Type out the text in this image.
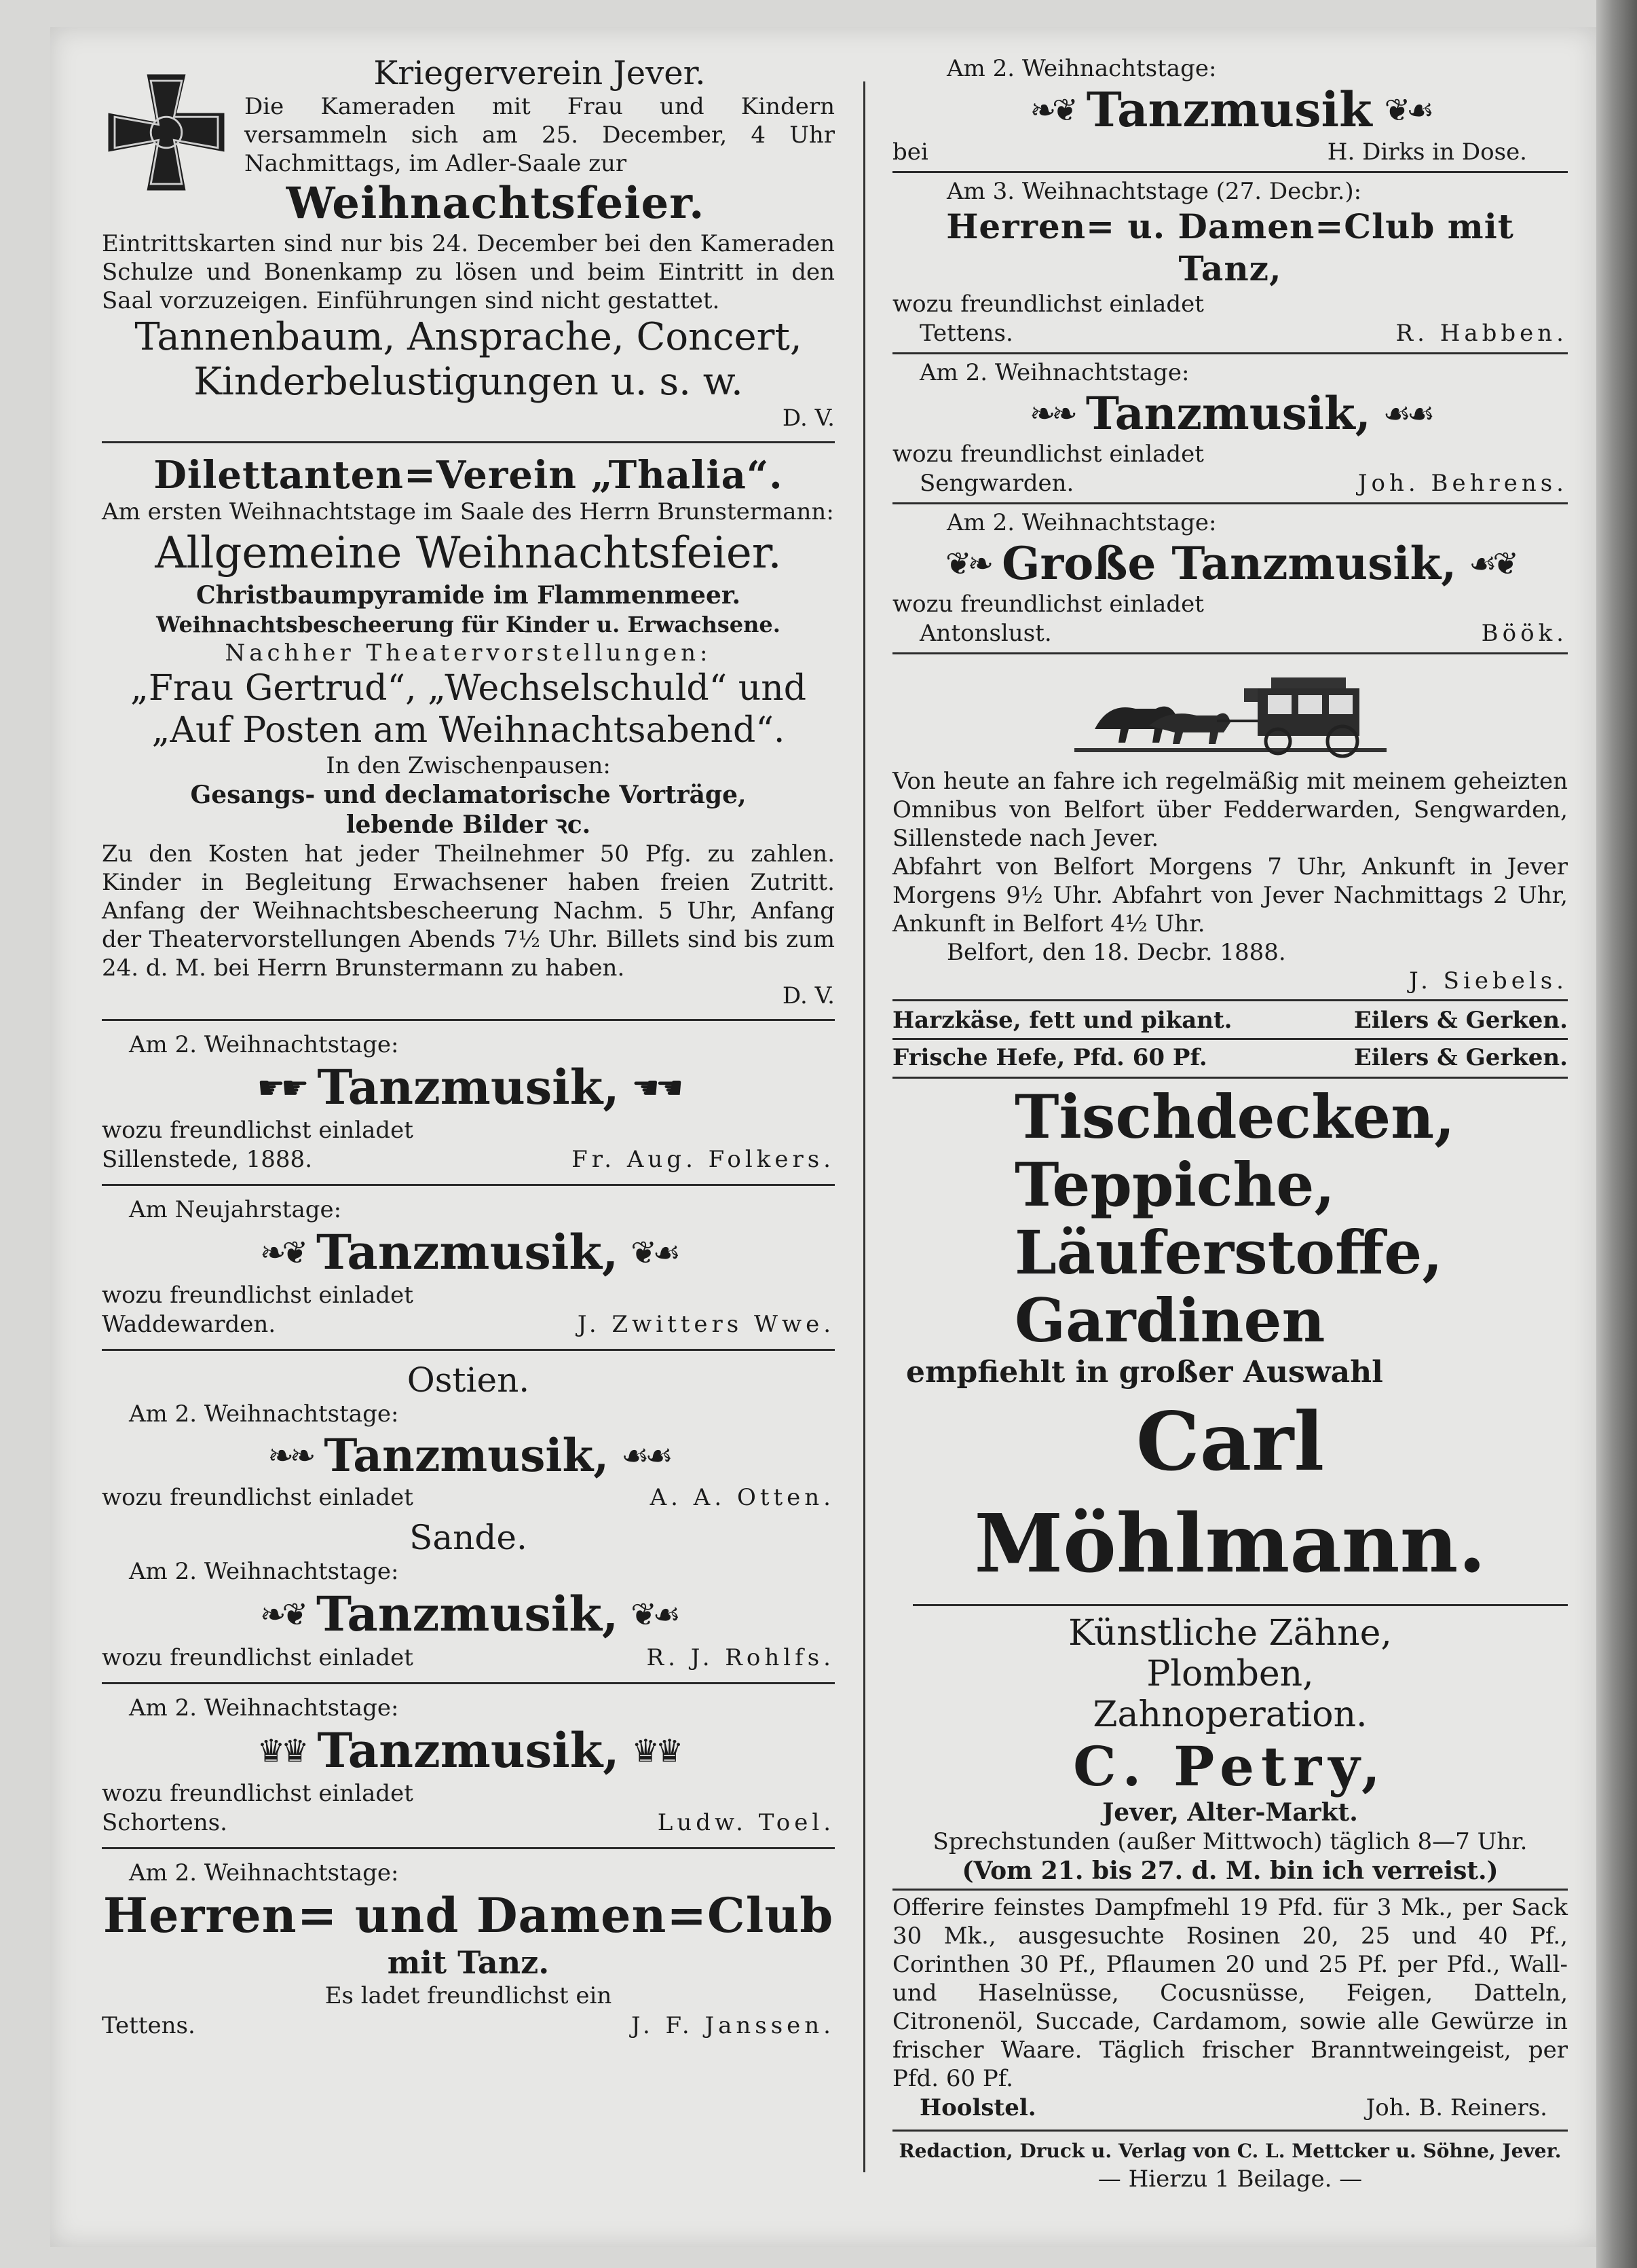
Kriegerverein Jever.
Die Kameraden mit Frau und Kindern versammeln sich am 25. December, 4 Uhr Nachmittags, im Adler-Saale zur
Weihnachtsfeier.
Eintrittskarten sind nur bis 24. December bei den Kameraden Schulze und Bonenkamp zu lösen und beim Eintritt in den Saal vorzuzeigen. Einführungen sind nicht gestattet.
Tannenbaum, Ansprache, Concert,
Kinderbelustigungen u. s. w.
D. V.
Dilettanten=Verein „Thalia“.
Am ersten Weihnachtstage im Saale des Herrn Brunstermann:
Allgemeine Weihnachtsfeier.
Christbaumpyramide im Flammenmeer.
Weihnachtsbescheerung für Kinder u. Erwachsene.
Nachher Theatervorstellungen:
„Frau Gertrud“, „Wechselschuld“ und
„Auf Posten am Weihnachtsabend“.
In den Zwischenpausen:
Gesangs- und declamatorische Vorträge,
lebende Bilder ꝛc.
Zu den Kosten hat jeder Theilnehmer 50 Pfg. zu zahlen. Kinder in Begleitung Erwachsener haben freien Zutritt. Anfang der Weihnachtsbescheerung Nachm. 5 Uhr, Anfang der Theatervorstellungen Abends 7½ Uhr. Billets sind bis zum 24. d. M. bei Herrn Brunstermann zu haben.
D. V.
Am 2. Weihnachtstage:
☛☛ Tanzmusik, ☚☚
wozu freundlichst einladet
Sillenstede, 1888.	Fr. Aug. Folkers.
Am Neujahrstage:
❧❦ Tanzmusik, ❦☙
wozu freundlichst einladet
Waddewarden.	J. Zwitters Wwe.
Ostien.
Am 2. Weihnachtstage:
❧❧ Tanzmusik, ☙☙
wozu freundlichst einladet	A. A. Otten.
Sande.
Am 2. Weihnachtstage:
❧❦ Tanzmusik, ❦☙
wozu freundlichst einladet	R. J. Rohlfs.
Am 2. Weihnachtstage:
♛♛ Tanzmusik, ♛♛
wozu freundlichst einladet
Schortens.	Ludw. Toel.
Am 2. Weihnachtstage:
Herren= und Damen=Club
mit Tanz.
Es ladet freundlichst ein
Tettens.	J. F. Janssen.
Am 2. Weihnachtstage:
❧❦ Tanzmusik ❦☙
bei	H. Dirks in Dose.
Am 3. Weihnachtstage (27. Decbr.):
Herren= u. Damen=Club mit Tanz,
wozu freundlichst einladet
Tettens.	R. Habben.
Am 2. Weihnachtstage:
❧❧ Tanzmusik, ☙☙
wozu freundlichst einladet
Sengwarden.	Joh. Behrens.
Am 2. Weihnachtstage:
❦❧ Große Tanzmusik, ☙❦
wozu freundlichst einladet
Antonslust.	Böök.
Von heute an fahre ich regelmäßig mit meinem geheizten Omnibus von Belfort über Fedderwarden, Sengwarden, Sillenstede nach Jever.
Abfahrt von Belfort Morgens 7 Uhr, Ankunft in Jever Morgens 9½ Uhr. Abfahrt von Jever Nachmittags 2 Uhr, Ankunft in Belfort 4½ Uhr.
Belfort, den 18. Decbr. 1888.
J. Siebels.
Harzkäse, fett und pikant.	Eilers & Gerken.
Frische Hefe, Pfd. 60 Pf.	Eilers & Gerken.
Tischdecken,
Teppiche,
Läuferstoffe,
Gardinen
empfiehlt in großer Auswahl
Carl Möhlmann.
Künstliche Zähne,
Plomben,
Zahnoperation.
C. Petry,
Jever, Alter-Markt.
Sprechstunden (außer Mittwoch) täglich 8—7 Uhr.
(Vom 21. bis 27. d. M. bin ich verreist.)
Offerire feinstes Dampfmehl 19 Pfd. für 3 Mk., per Sack 30 Mk., ausgesuchte Rosinen 20, 25 und 40 Pf., Corinthen 30 Pf., Pflaumen 20 und 25 Pf. per Pfd., Wall- und Haselnüsse, Cocusnüsse, Feigen, Datteln, Citronenöl, Succade, Cardamom, sowie alle Gewürze in frischer Waare. Täglich frischer Branntweingeist, per Pfd. 60 Pf.
Hoolstel.	Joh. B. Reiners.
Redaction, Druck u. Verlag von C. L. Mettcker u. Söhne, Jever.
— Hierzu 1 Beilage. —
